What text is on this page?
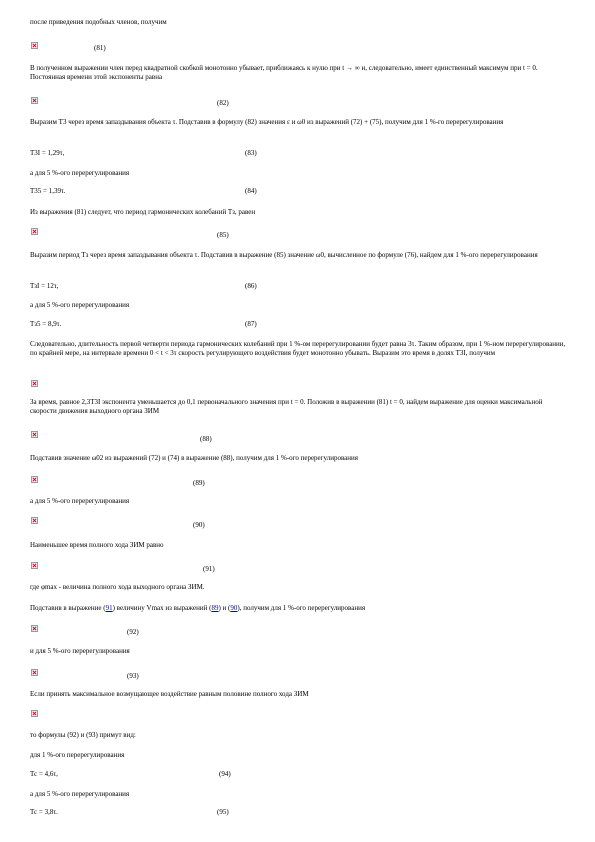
после приведения подобных членов, получим
(81)
В полученном выражении член перед квадратной скобкой монотонно убывает, приближаясь к нулю при t → ∞ и, следовательно, имеет единственный максимум при t = 0. Постоянная времени этой экспоненты равна
(82)
Выразим Т3 через время запаздывания объекта τ. Подставив в формулу (82) значения ε и ω0 из выражений (72) + (75), получим для 1 %-го перерегулирования
Т3I = 1,29τ,	(83)
а для 5 %-ого перерегулирования
Т35 = 1,39τ.	(84)
Из выражения (81) следует, что период гармонических колебаний Тз, равен
(85)
Выразим период Тз через время запаздывания объекта τ. Подставив в выражение (85) значение ω0, вычисленное по формуле (76), найдем для 1 %-ого перерегулирования
ТзI = 12τ,	(86)
а для 5 %-ого перерегулирования
Тз5 = 8,9τ.	(87)
Следовательно, длительность первой четверти периода гармонических колебаний при 1 %-ом перерегулировании будет равна 3τ. Таким образом, при 1 %-ном перерегулировании, по крайней мере, на интервале времени 0 < t < 3τ скорость регулирующего воздействия будет монотонно убывать. Выразим это время в долях Т3I, получим
За время, равное 2,3Т3I экспонента уменьшается до 0,1 первоначального значения при t = 0. Положив в выражении (81) t = 0, найдем выражение для оценки максимальной скорости движения выходного органа ЗИМ
(88)
Подставив значение ω02 из выражений (72) и (74) в выражение (88), получим для 1 %-ого перерегулирования
(89)
а для 5 %-ого перерегулирования
(90)
Наименьшее время полного хода ЗИМ равно
(91)
где φmax - величина полного хода выходного органа ЗИМ.
Подставив в выражение (91) величину Vmax из выражений (89) и (90), получим для 1 %-ого перерегулирования
(92)
и для 5 %-ого перерегулирования
(93)
Если принять максимальное возмущающее воздействие равным половине полного хода ЗИМ
то формулы (92) и (93) примут вид:
для 1 %-ого перерегулирования
Тс = 4,6τ,	(94)
а для 5 %-ого перерегулирования
Тс = 3,8τ.	(95)
